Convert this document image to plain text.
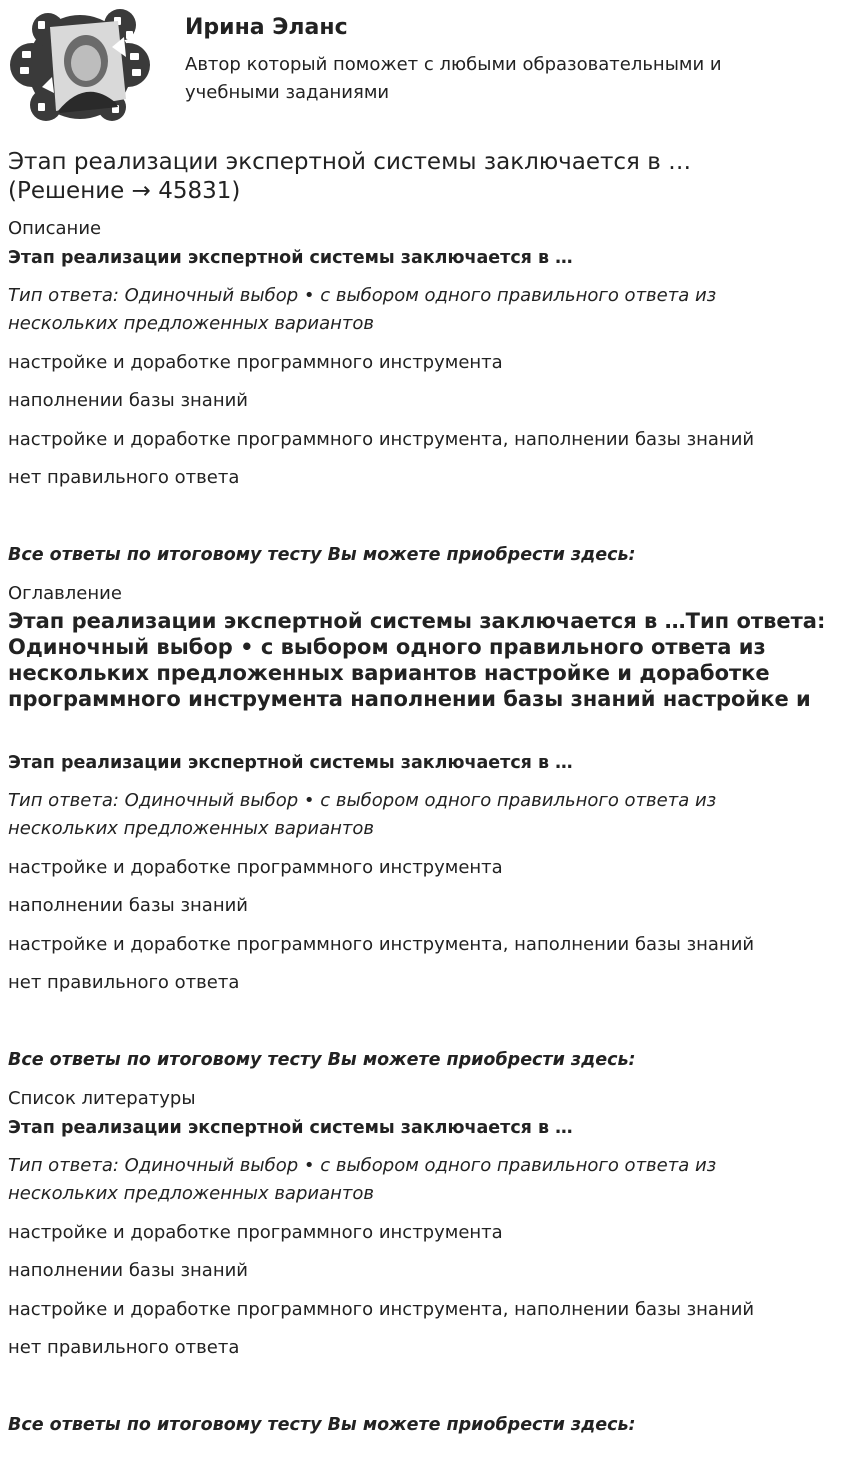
Ирина Эланс

Автор который поможет с любыми образовательными и учебными заданиями

Этап реализации экспертной системы заключается в … (Решение → 45831)

Описание

Этап реализации экспертной системы заключается в …

Тип ответа: Одиночный выбор • с выбором одного правильного ответа из нескольких предложенных вариантов

настройке и доработке программного инструмента

наполнении базы знаний

настройке и доработке программного инструмента, наполнении базы знаний

нет правильного ответа

Все ответы по итоговому тесту Вы можете приобрести здесь:

Оглавление

Этап реализации экспертной системы заключается в …Тип ответа: Одиночный выбор • с выбором одного правильного ответа из нескольких предложенных вариантов настройке и доработке программного инструмента наполнении базы знаний настройке и

Этап реализации экспертной системы заключается в …

Тип ответа: Одиночный выбор • с выбором одного правильного ответа из нескольких предложенных вариантов

настройке и доработке программного инструмента

наполнении базы знаний

настройке и доработке программного инструмента, наполнении базы знаний

нет правильного ответа

Все ответы по итоговому тесту Вы можете приобрести здесь:

Список литературы

Этап реализации экспертной системы заключается в …

Тип ответа: Одиночный выбор • с выбором одного правильного ответа из нескольких предложенных вариантов

настройке и доработке программного инструмента

наполнении базы знаний

настройке и доработке программного инструмента, наполнении базы знаний

нет правильного ответа

Все ответы по итоговому тесту Вы можете приобрести здесь:
